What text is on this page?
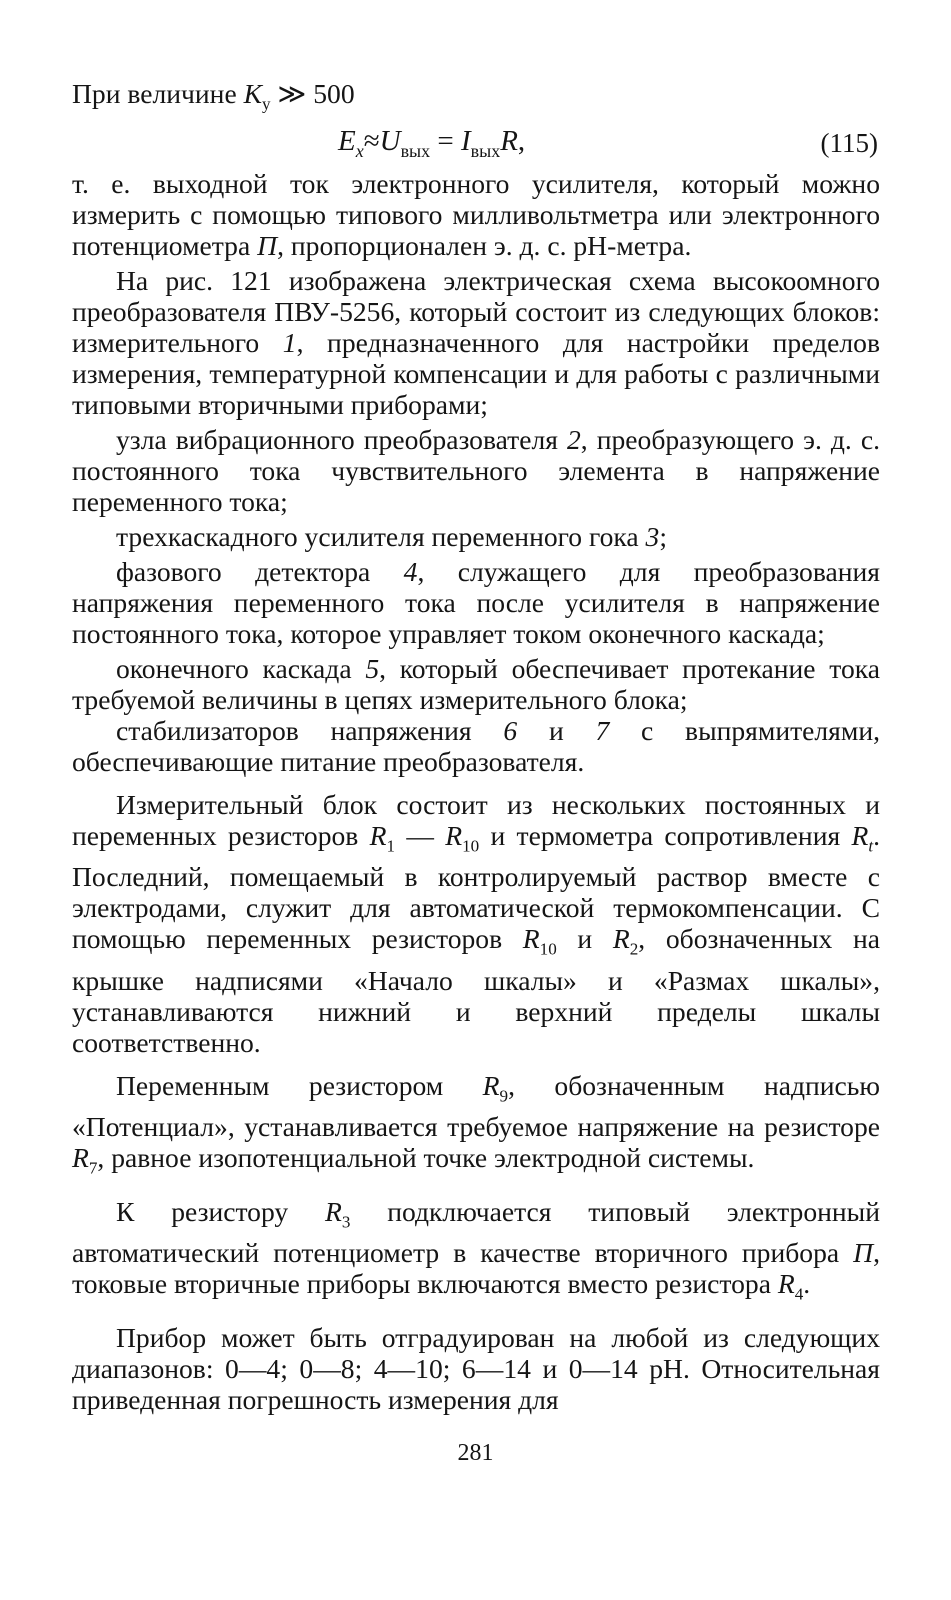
При величине $K_у$ ≫ 500

$E_x\approx U_{вых} = I_{вых}R$,	(115)

т. е. выходной ток электронного усилителя, который можно измерить с помощью типового милливольтметра или электронного потенциометра П, пропорционален э. д. с. рН-метра.

На рис. 121 изображена электрическая схема высокоомного преобразователя ПВУ-5256, который состоит из следующих блоков: измерительного 1, предназначенного для настройки пределов измерения, температурной компенсации и для работы с различными типовыми вторичными приборами;

узла вибрационного преобразователя 2, преобразующего э. д. с. постоянного тока чувствительного элемента в напряжение переменного тока;

трехкаскадного усилителя переменного гока 3;

фазового детектора 4, служащего для преобразования напряжения переменного тока после усилителя в напряжение постоянного тока, которое управляет током оконечного каскада;

оконечного каскада 5, который обеспечивает протекание тока требуемой величины в цепях измерительного блока;

стабилизаторов напряжения 6 и 7 с выпрямителями, обеспечивающие питание преобразователя.

Измерительный блок состоит из нескольких постоянных и переменных резисторов $R_1$ — $R_{10}$ и термометра сопротивления $R_t$. Последний, помещаемый в контролируемый раствор вместе с электродами, служит для автоматической термокомпенсации. С помощью переменных резисторов $R_{10}$ и $R_2$, обозначенных на крышке надписями «Начало шкалы» и «Размах шкалы», устанавливаются нижний и верхний пределы шкалы соответственно.

Переменным резистором $R_9$, обозначенным надписью «Потенциал», устанавливается требуемое напряжение на резисторе $R_7$, равное изопотенциальной точке электродной системы.

К резистору $R_3$ подключается типовый электронный автоматический потенциометр в качестве вторичного прибора П, токовые вторичные приборы включаются вместо резистора $R_4$.

Прибор может быть отградуирован на любой из следующих диапазонов: 0—4; 0—8; 4—10; 6—14 и 0—14 рН. Относительная приведенная погрешность измерения для

281
